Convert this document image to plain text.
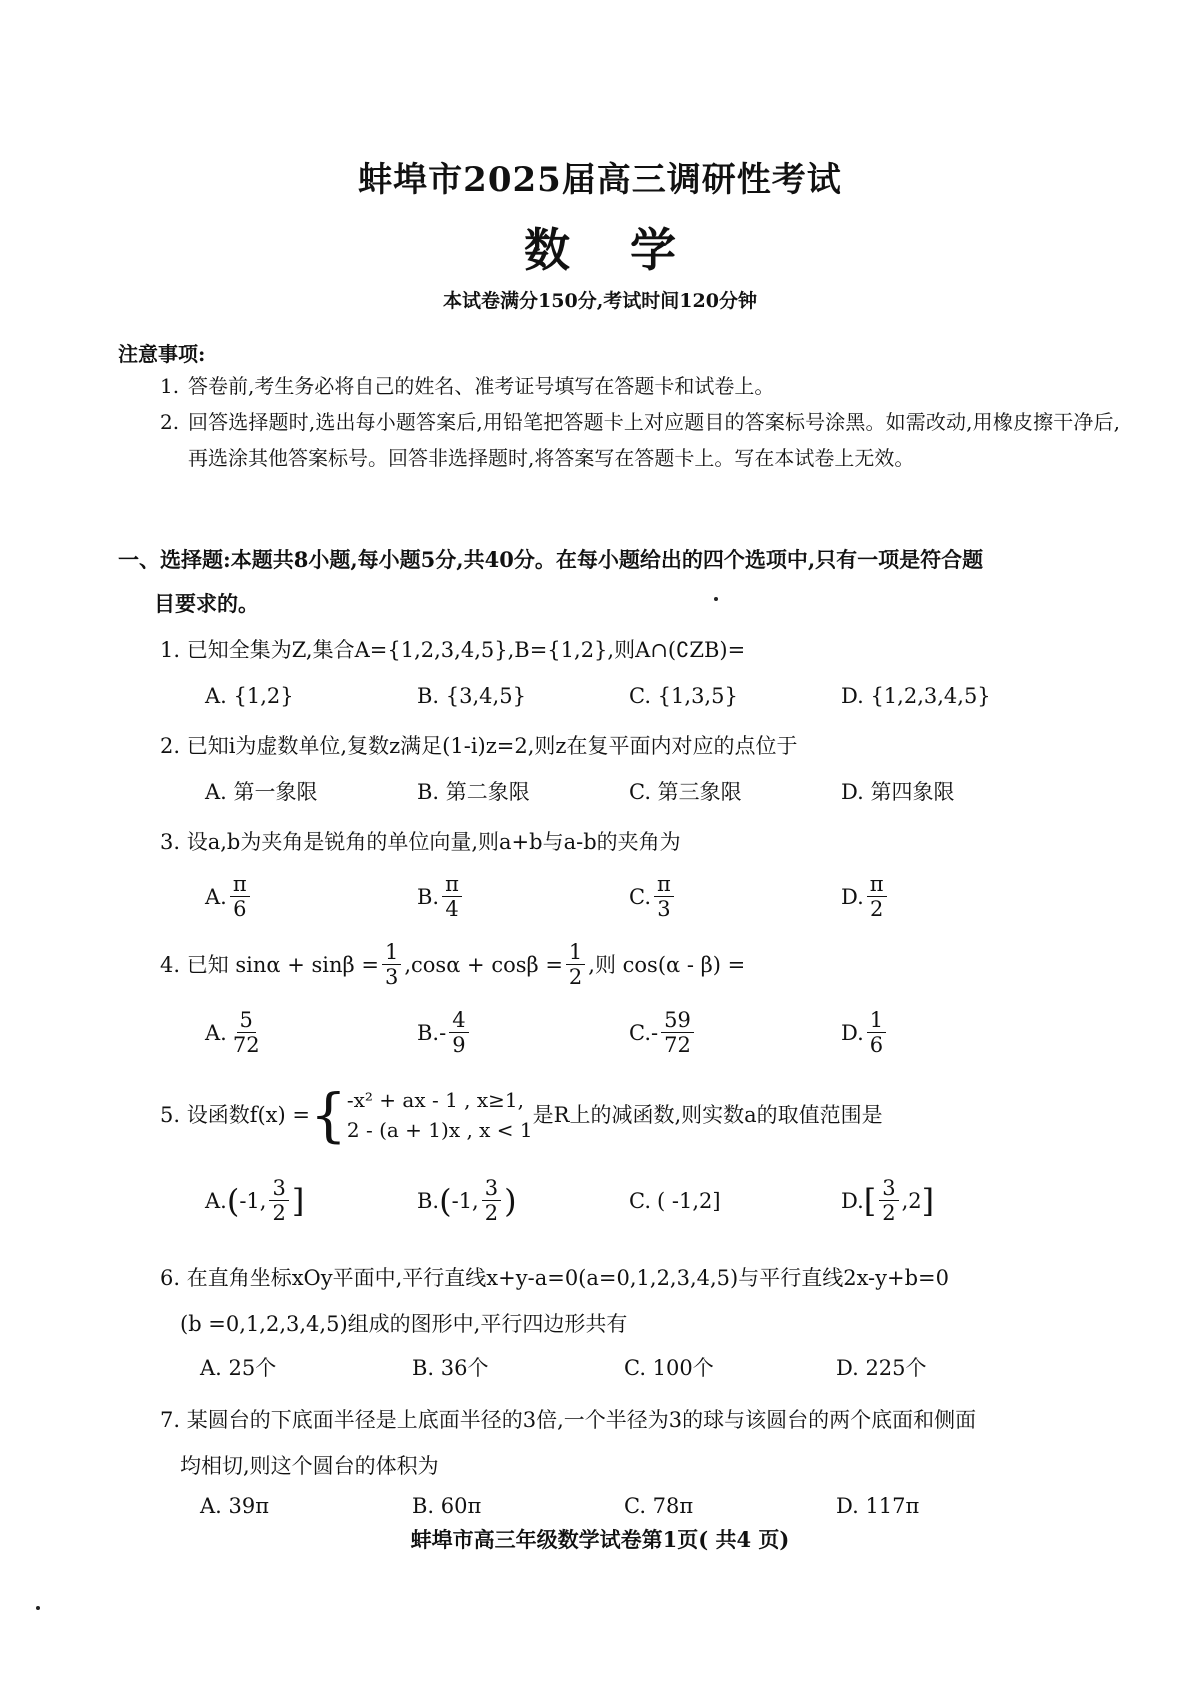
蚌埠市2025届高三调研性考试
数学
本试卷满分150分,考试时间120分钟
注意事项:
1. 答卷前,考生务必将自己的姓名、准考证号填写在答题卡和试卷上。
2. 回答选择题时,选出每小题答案后,用铅笔把答题卡上对应题目的答案标号涂黑。如需改动,用橡皮擦干净后,再选涂其他答案标号。回答非选择题时,将答案写在答题卡上。写在本试卷上无效。
一、选择题:本题共8小题,每小题5分,共40分。在每小题给出的四个选项中,只有一项是符合题
目要求的。
1. 已知全集为Z,集合A={1,2,3,4,5},B={1,2},则A∩(∁ZB)=
A. {1,2}	B. {3,4,5}	C. {1,3,5}	D. {1,2,3,4,5}
2. 已知i为虚数单位,复数z满足(1-i)z=2,则z在复平面内对应的点位于
A. 第一象限	B. 第二象限	C. 第三象限	D. 第四象限
3. 设a,b为夹角是锐角的单位向量,则a+b与a-b的夹角为
A. $\frac{\pi}{6}$	B. $\frac{\pi}{4}$	C. $\frac{\pi}{3}$	D. $\frac{\pi}{2}$
4. 已知 $\sin\alpha + \sin\beta = \frac{1}{3} ,\cos\alpha + \cos\beta = \frac{1}{2}$ ,则 cos(α - β) =
A. $\frac{5}{72}$	B. - $\frac{4}{9}$	C. - $\frac{59}{72}$	D. $\frac{1}{6}$
5. 设函数f(x) = { -x² + ax - 1 , x≥1,
2 - (a + 1)x , x < 1
是R上的减函数,则实数a的取值范围是
A. ( -1, $\frac{3}{2}$ ]	B. ( -1, $\frac{3}{2}$ )	C. ( -1,2]	D. [ $\frac{3}{2} ,2$ ]
6. 在直角坐标xOy平面中,平行直线x+y-a=0(a=0,1,2,3,4,5)与平行直线2x-y+b=0
(b =0,1,2,3,4,5)组成的图形中,平行四边形共有
A. 25个	B. 36个	C. 100个	D. 225个
7. 某圆台的下底面半径是上底面半径的3倍,一个半径为3的球与该圆台的两个底面和侧面
均相切,则这个圆台的体积为
A. 39π	B. 60π	C. 78π	D. 117π
蚌埠市高三年级数学试卷第1页( 共4 页)
